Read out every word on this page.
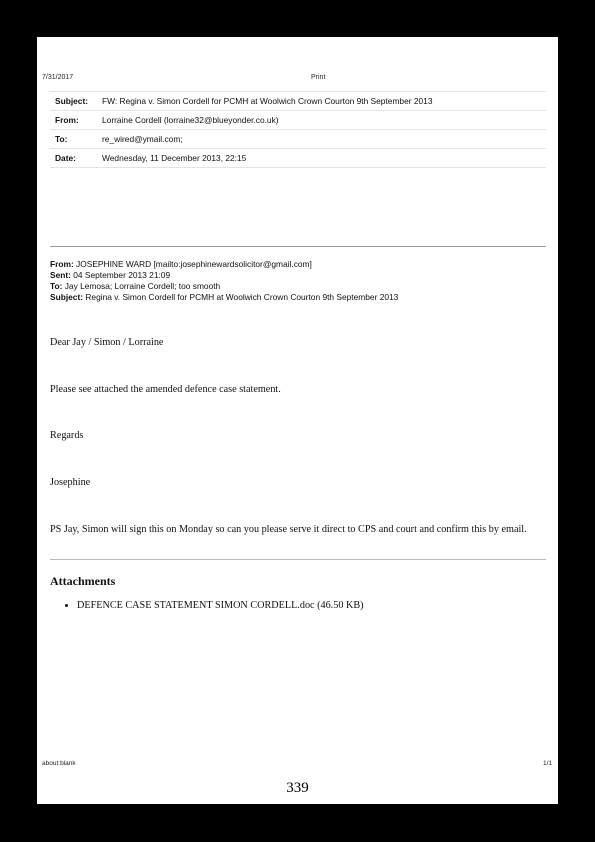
7/31/2017	Print
Subject:	FW: Regina v. Simon Cordell for PCMH at Woolwich Crown Courton 9th September 2013
From:	Lorraine Cordell (lorraine32@blueyonder.co.uk)
To:	re_wired@ymail.com;
Date:	Wednesday, 11 December 2013, 22:15
From: JOSEPHINE WARD [mailto:josephinewardsolicitor@gmail.com]
Sent: 04 September 2013 21:09
To: Jay Lemosa; Lorraine Cordell; too smooth
Subject: Regina v. Simon Cordell for PCMH at Woolwich Crown Courton 9th September 2013
Dear Jay / Simon / Lorraine
Please see attached the amended defence case statement.
Regards
Josephine
PS Jay, Simon will sign this on Monday so can you please serve it direct to CPS and court and confirm this by email.
Attachments
• DEFENCE CASE STATEMENT SIMON CORDELL.doc (46.50 KB)
about:blank	1/1
339
